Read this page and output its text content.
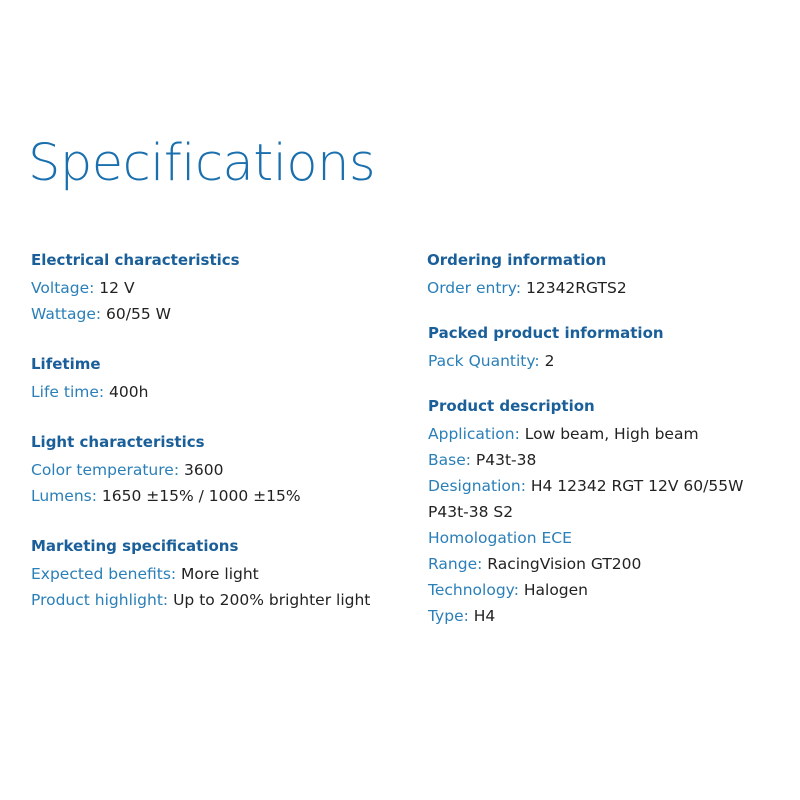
Specifications
Electrical characteristics
Voltage: 12 V
Wattage: 60/55 W
Lifetime
Life time: 400h
Light characteristics
Color temperature: 3600
Lumens: 1650 ±15% / 1000 ±15%
Marketing specifications
Expected benefits: More light
Product highlight: Up to 200% brighter light
Ordering information
Order entry: 12342RGTS2
Packed product information
Pack Quantity: 2
Product description
Application: Low beam, High beam
Base: P43t-38
Designation: H4 12342 RGT 12V 60/55W
P43t-38 S2
Homologation ECE
Range: RacingVision GT200
Technology: Halogen
Type: H4
